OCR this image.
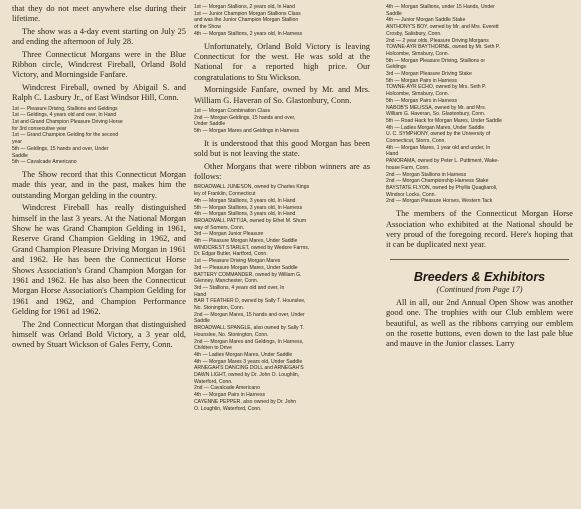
that they do not meet anywhere else during their lifetime.

The show was a 4-day event starting on July 25 and ending the afternoon of July 28.

Three Connecticut Morgans were in the Blue Ribbon circle, Windcrest Fireball, Orland Bold Victory, and Morningside Fanfare.

Windcrest Fireball, owned by Abigail S. and Ralph C. Lasbury Jr., of East Windsor Hill, Conn.

1st — Pleasure Driving, Stallions and Geldings
1st — Geldings, 4 years old and over, In Hand
1st and Grand Champion Pleasure Driving Horse
for 3rd consecutive year
1st — Grand Champion Gelding for the second
year
5th — Geldings, 15 hands and over, Under
Saddle
5th — Cavalcade Americano

The Show record that this Connecticut Morgan made this year, and in the past, makes him the outstanding Morgan gelding in the country.

Windcrest Fireball has really distinguished himself in the last 3 years. At the National Morgan Show he was Grand Champion Gelding in 1961, Reserve Grand Champion Gelding in 1962, and Grand Champion Pleasure Driving Morgan in 1961 and 1962. He has been the Connecticut Horse Shows Association's Grand Champion Morgan for 1961 and 1962. He has also been the Connecticut Morgan Horse Association's Champion Gelding for 1961 and 1962, and Champion Performance Gelding for 1961 ad 1962.

The 2nd Connecticut Morgan that distinguished himself was Orland Bold Victory, a 3 year old, owned by Stuart Wickson of Gales Ferry, Conn.

1st — Morgan Stallions, 2 years old, In Hand
1st — Junior Champion Morgan Stallions Class
and was the Junior Champion Morgan Stallion
of the Show
4th — Morgan Stallions, 2 years old, In Harness

Unfortunately, Orland Bold Victory is leaving Connecticut for the west. He was sold at the National for a reported high price. Our congratulations to Stu Wickson.

Morningside Fanfare, owned by Mr. and Mrs. William G. Haveran of So. Glastonbury, Conn.

1st — Morgan Combination Class
2nd — Morgan Geldings, 15 hands and over,
Under Saddle
5th — Morgan Mares and Geldings in Harness

It is understood that this good Morgan has been sold but is not leaving the state.

Other Morgans that were ribbon winners are as follows:

BROADWALL JUNESON, owned by Charles Kings
ley of Franklin, Connecticut
4th — Morgan Stallions, 3 years old, In Hand
5th — Morgan Stallions, 3 years old, In Harness
4th — Morgan Stallions, 3 years old, In Hand
BROADWALL PATTIJA, owned by Ethel M. Shum
way of Somers, Conn.
3rd — Morgan Junior Pleasure
4th — Pleasure Morgan Mares, Under Saddle
WINDCREST STARLET, owned by Wedore Farms,
Dr. Edgar Butler, Hartford, Conn.
1st — Pleasure Driving Morgan Mares
3rd — Pleasure Morgan Mares, Under Saddle
BATTERY COMMANDER, owned by William G.
Glenney, Manchester, Conn.
3rd — Stallions, 4 years old and over, In
Hand
BAR T FEATHER D, owned by Sally T. Hounslee,
No. Stonington, Conn.
2nd — Morgan Mares, 15 hands and over, Under
Saddle
BROADWALL SPANGLE, also owned by Sally T.
Hounslee, No. Stonington, Conn.
2nd — Morgan Mares and Geldings, In Harness,
Children to Drive
4th — Ladies Morgan Mares, Under Saddle
4th — Morgan Mares 3 years old, Under Saddle
ARNEGAH'S DANCING DOLL and ARNEGAH'S
DAWN LIGHT, owned by Dr. John O. Loughlin,
Waterford, Conn.
2nd — Cavalcade Americano
4th — Morgan Pairs in Harness
CAYENNE PEPPER, also owned by Dr. John
O. Loughlin, Waterford, Conn.
4th — Morgan Stallions, under 15 Hands, Under
Saddle
4th — Junior Morgan Saddle Stake
ANTHONY'S BOY, owned by Mr. and Mrs. Everett
Crosby, Salisbury, Conn.
2nd — 2 year olds, Pleasure Driving Morgans
TOWNE-AYR BAYTHORNE, owned by Mr. Seth P.
Holcombe, Simsbury, Conn.
5th — Morgan Pleasure Driving, Stallions or
Geldings
3rd — Morgan Pleasure Driving Stake
5th — Morgan Pairs in Harness
TOWNE-AYR ECHO, owned by Mrs. Seth P.
Holcombe, Simsbury, Conn.
5th — Morgan Pairs in Harness
NABOB'S MELISSA, owned by Mr. and Mrs.
William G. Haveran, So. Glastonbury, Conn.
5th — Road Hack for Morgan Mares, Under Saddle
4th — Ladies Morgan Mares, Under Saddle
U. C. SYMPHONY, owned by the University of
Connecticut, Storrs, Conn.
4th — Morgan Mares, 1 year old and under, In
Hand
PANORAMA, owned by Peter L. Puttiment, Wake-
house Farm, Conn.
2nd — Morgan Stallions in Harness
2nd — Morgan Championship Harness Stake
BAYSTATE FLYON, owned by Phyllis Quagliaroli,
Windsor Locks, Conn.
2nd — Morgan Pleasure Horses, Western Tack

The members of the Connecticut Morgan Horse Association who exhibited at the National should be very proud of the foregoing record. Here's hoping that it can be duplicated next year.

Breeders & Exhibitors
(Continued from Page 17)

All in all, our 2nd Annual Open Show was another good one. The trophies with our Club emblem were beautiful, as well as the ribbons carrying our emblem on the rosette buttons, even down to the last pale blue and mauve in the Junior classes. Larry
